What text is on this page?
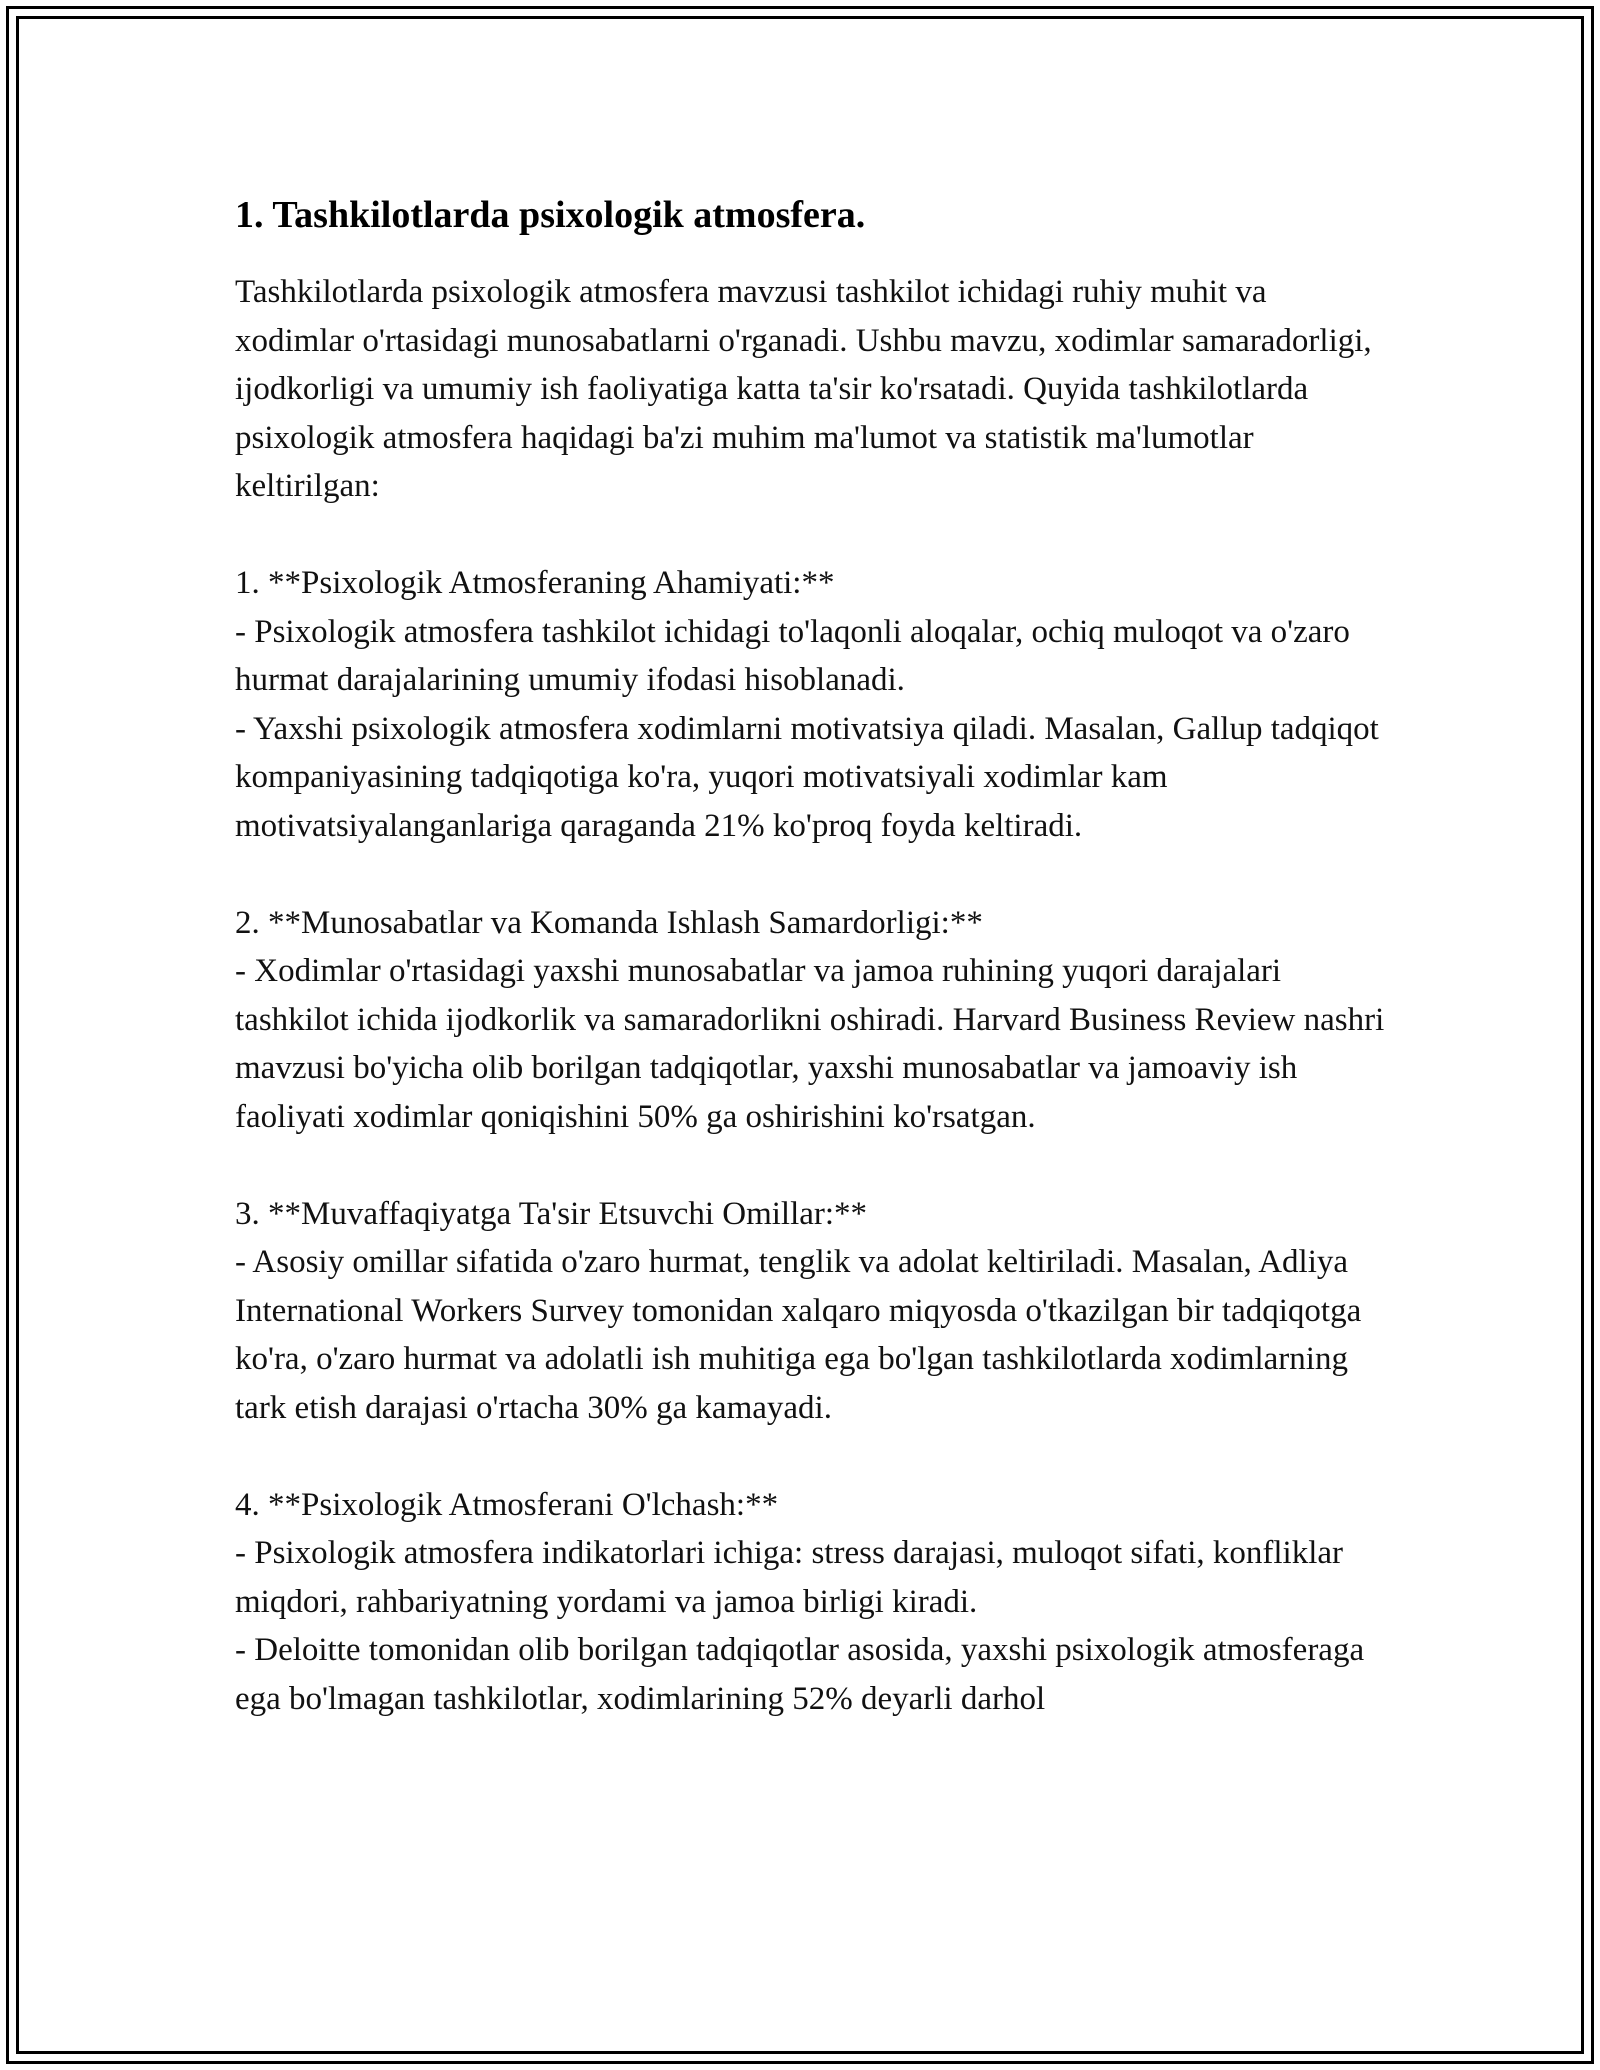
1. Tashkilotlarda psixologik atmosfera.

Tashkilotlarda psixologik atmosfera mavzusi tashkilot ichidagi ruhiy muhit va xodimlar o'rtasidagi munosabatlarni o'rganadi. Ushbu mavzu, xodimlar samaradorligi, ijodkorligi va umumiy ish faoliyatiga katta ta'sir ko'rsatadi. Quyida tashkilotlarda psixologik atmosfera haqidagi ba'zi muhim ma'lumot va statistik ma'lumotlar keltirilgan:

1. **Psixologik Atmosferaning Ahamiyati:**

- Psixologik atmosfera tashkilot ichidagi to'laqonli aloqalar, ochiq muloqot va o'zaro hurmat darajalarining umumiy ifodasi hisoblanadi.

- Yaxshi psixologik atmosfera xodimlarni motivatsiya qiladi. Masalan, Gallup tadqiqot kompaniyasining tadqiqotiga ko'ra, yuqori motivatsiyali xodimlar kam motivatsiyalanganlariga qaraganda 21% ko'proq foyda keltiradi.

2. **Munosabatlar va Komanda Ishlash Samardorligi:**

- Xodimlar o'rtasidagi yaxshi munosabatlar va jamoa ruhining yuqori darajalari tashkilot ichida ijodkorlik va samaradorlikni oshiradi. Harvard Business Review nashri mavzusi bo'yicha olib borilgan tadqiqotlar, yaxshi munosabatlar va jamoaviy ish faoliyati xodimlar qoniqishini 50% ga oshirishini ko'rsatgan.

3. **Muvaffaqiyatga Ta'sir Etsuvchi Omillar:**

- Asosiy omillar sifatida o'zaro hurmat, tenglik va adolat keltiriladi. Masalan, Adliya International Workers Survey tomonidan xalqaro miqyosda o'tkazilgan bir tadqiqotga ko'ra, o'zaro hurmat va adolatli ish muhitiga ega bo'lgan tashkilotlarda xodimlarning tark etish darajasi o'rtacha 30% ga kamayadi.

4. **Psixologik Atmosferani O'lchash:**

- Psixologik atmosfera indikatorlari ichiga: stress darajasi, muloqot sifati, konfliklar miqdori, rahbariyatning yordami va jamoa birligi kiradi.

- Deloitte tomonidan olib borilgan tadqiqotlar asosida, yaxshi psixologik atmosferaga ega bo'lmagan tashkilotlar, xodimlarining 52% deyarli darhol
